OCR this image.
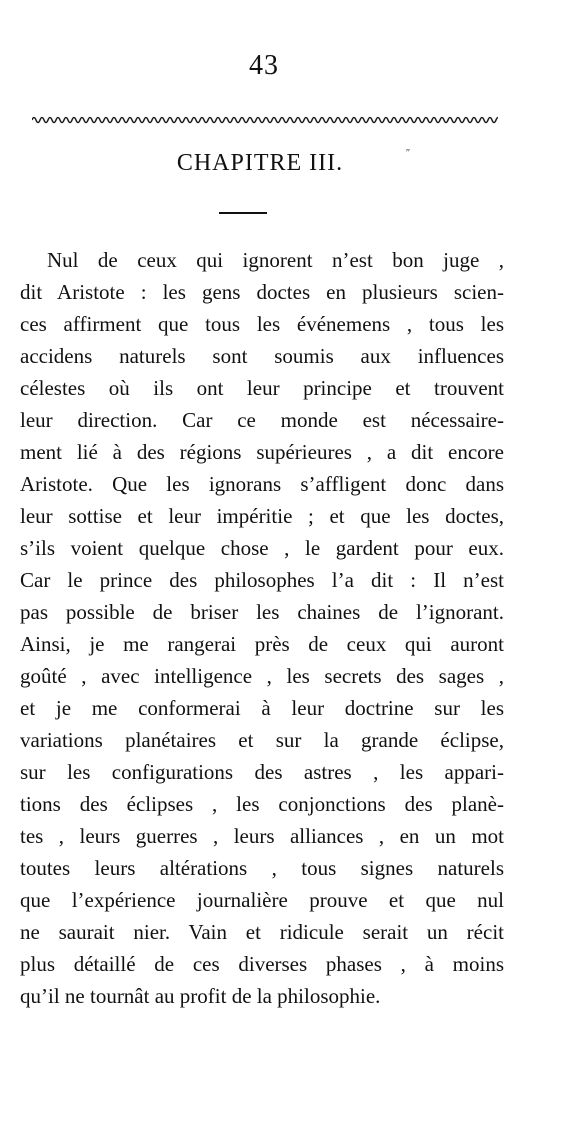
43
CHAPITRE III.	″
Nul de ceux qui ignorent n’est bon juge ,
dit Aristote : les gens doctes en plusieurs scien-
ces affirment que tous les événemens , tous les
accidens naturels sont soumis aux influences
célestes où ils ont leur principe et trouvent
leur direction. Car ce monde est nécessaire-
ment lié à des régions supérieures , a dit encore
Aristote. Que les ignorans s’affligent donc dans
leur sottise et leur impéritie ; et que les doctes,
s’ils voient quelque chose , le gardent pour eux.
Car le prince des philosophes l’a dit : Il n’est
pas possible de briser les chaines de l’ignorant.
Ainsi, je me rangerai près de ceux qui auront
goûté , avec intelligence , les secrets des sages ,
et je me conformerai à leur doctrine sur les
variations planétaires et sur la grande éclipse,
sur les configurations des astres , les appari-
tions des éclipses , les conjonctions des planè-
tes , leurs guerres , leurs alliances , en un mot
toutes leurs altérations , tous signes naturels
que l’expérience journalière prouve et que nul
ne saurait nier. Vain et ridicule serait un récit
plus détaillé de ces diverses phases , à moins
qu’il ne tournât au profit de la philosophie.
